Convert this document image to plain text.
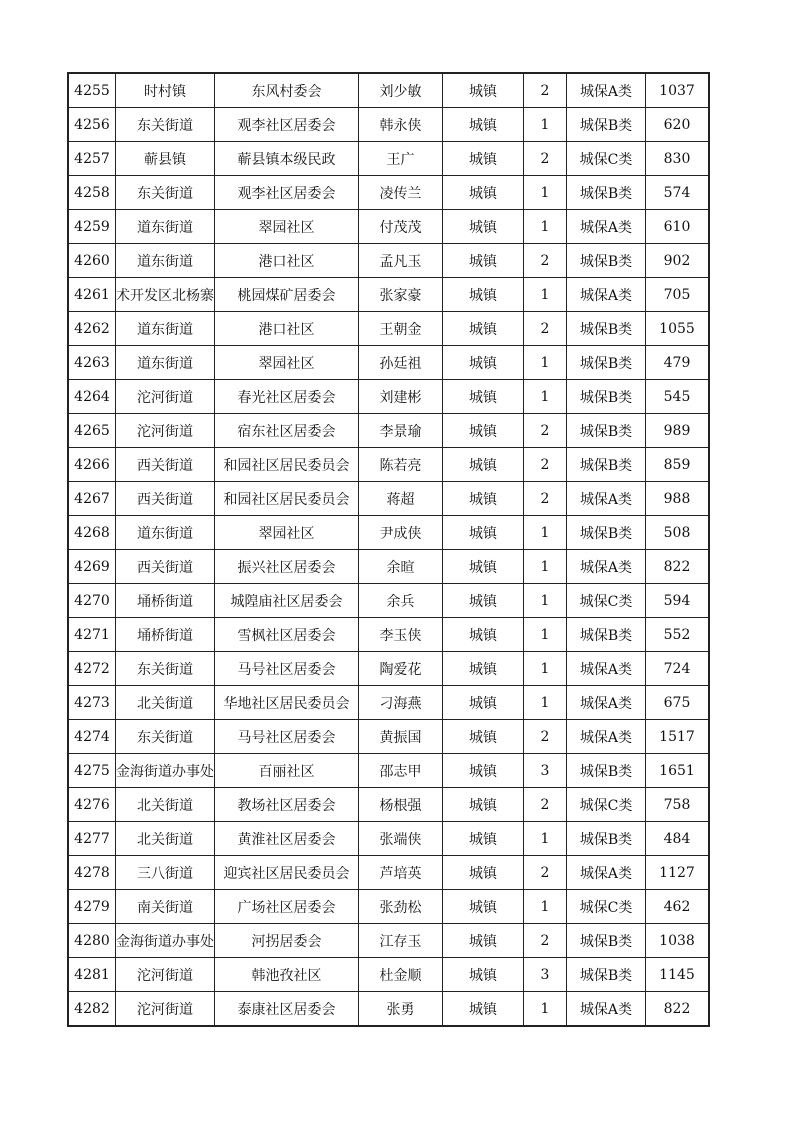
4255	时村镇	东风村委会	刘少敏	城镇	2	城保A类	1037

4256	东关街道	观李社区居委会	韩永侠	城镇	1	城保B类	620

4257	蕲县镇	蕲县镇本级民政	王广	城镇	2	城保C类	830

4258	东关街道	观李社区居委会	凌传兰	城镇	1	城保B类	574

4259	道东街道	翠园社区	付茂茂	城镇	1	城保A类	610

4260	道东街道	港口社区	孟凡玉	城镇	2	城保B类	902

4261	术开发区北杨寨	桃园煤矿居委会	张家豪	城镇	1	城保A类	705

4262	道东街道	港口社区	王朝金	城镇	2	城保B类	1055

4263	道东街道	翠园社区	孙廷祖	城镇	1	城保B类	479

4264	沱河街道	春光社区居委会	刘建彬	城镇	1	城保B类	545

4265	沱河街道	宿东社区居委会	李景瑜	城镇	2	城保B类	989

4266	西关街道	和园社区居民委员会	陈若亮	城镇	2	城保B类	859

4267	西关街道	和园社区居民委员会	蒋超	城镇	2	城保A类	988

4268	道东街道	翠园社区	尹成侠	城镇	1	城保B类	508

4269	西关街道	振兴社区居委会	余暄	城镇	1	城保A类	822

4270	埇桥街道	城隍庙社区居委会	余兵	城镇	1	城保C类	594

4271	埇桥街道	雪枫社区居委会	李玉侠	城镇	1	城保B类	552

4272	东关街道	马号社区居委会	陶爱花	城镇	1	城保A类	724

4273	北关街道	华地社区居民委员会	刁海燕	城镇	1	城保A类	675

4274	东关街道	马号社区居委会	黄振国	城镇	2	城保A类	1517

4275	金海街道办事处	百丽社区	邵志甲	城镇	3	城保B类	1651

4276	北关街道	教场社区居委会	杨根强	城镇	2	城保C类	758

4277	北关街道	黄淮社区居委会	张端侠	城镇	1	城保B类	484

4278	三八街道	迎宾社区居民委员会	芦培英	城镇	2	城保A类	1127

4279	南关街道	广场社区居委会	张劲松	城镇	1	城保C类	462

4280	金海街道办事处	河拐居委会	江存玉	城镇	2	城保B类	1038

4281	沱河街道	韩池孜社区	杜金顺	城镇	3	城保B类	1145

4282	沱河街道	泰康社区居委会	张勇	城镇	1	城保A类	822
